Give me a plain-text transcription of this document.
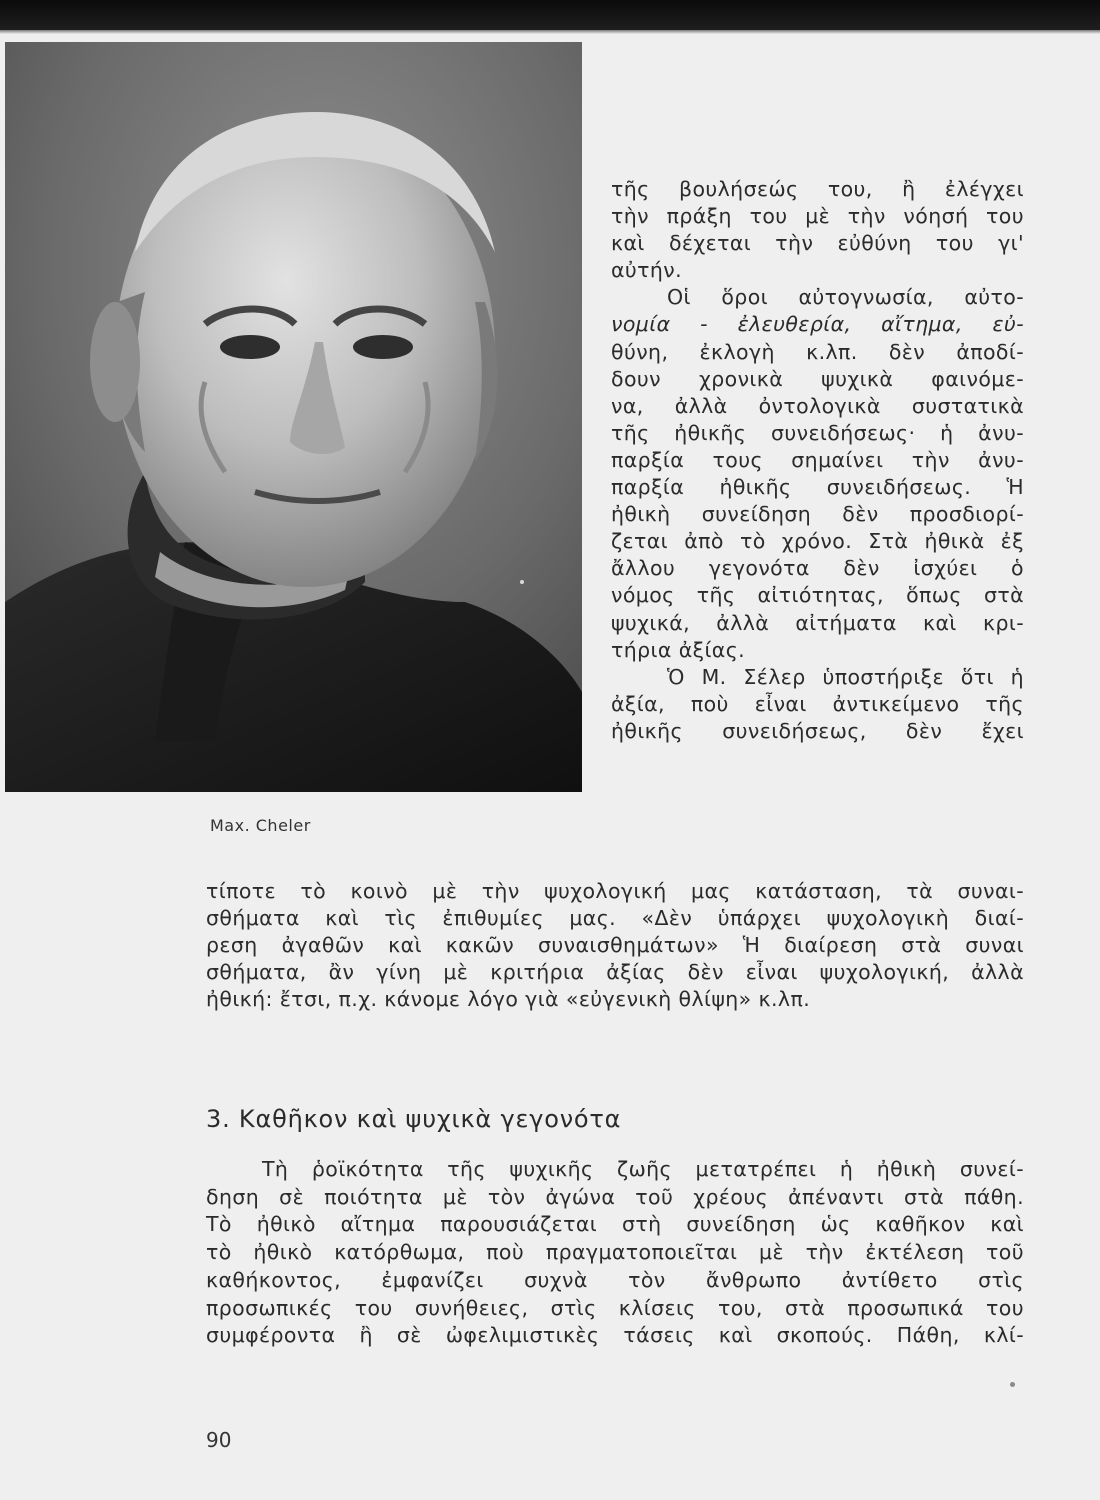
Max. Cheler
τῆς βουλήσεώς του, ἢ ἐλέγχει
τὴν πράξη του μὲ τὴν νόησή του
καὶ δέχεται τὴν εὐθύνη του γι'
αὐτήν.
Οἱ ὅροι αὐτογνωσία, αὐτο-
νομία - ἐλευθερία, αἴτημα, εὐ-
θύνη, ἐκλογὴ κ.λπ. δὲν ἀποδί-
δουν χρονικὰ ψυχικὰ φαινόμε-
να, ἀλλὰ ὀντολογικὰ συστατικὰ
τῆς ἠθικῆς συνειδήσεως· ἡ ἀνυ-
παρξία τους σημαίνει τὴν ἀνυ-
παρξία ἠθικῆς συνειδήσεως. Ἡ
ἠθικὴ συνείδηση δὲν προσδιορί-
ζεται ἀπὸ τὸ χρόνο. Στὰ ἠθικὰ ἐξ
ἄλλου γεγονότα δὲν ἰσχύει ὁ
νόμος τῆς αἰτιότητας, ὅπως στὰ
ψυχικά, ἀλλὰ αἰτήματα καὶ κρι-
τήρια ἀξίας.
Ὁ Μ. Σέλερ ὑποστήριξε ὅτι ἡ
ἀξία, ποὺ εἶναι ἀντικείμενο τῆς
ἠθικῆς συνειδήσεως, δὲν ἔχει
τίποτε τὸ κοινὸ μὲ τὴν ψυχολογική μας κατάσταση, τὰ συναι-
σθήματα καὶ τὶς ἐπιθυμίες μας. «Δὲν ὑπάρχει ψυχολογικὴ διαί-
ρεση ἀγαθῶν καὶ κακῶν συναισθημάτων» Ἡ διαίρεση στὰ συναι
σθήματα, ἂν γίνη μὲ κριτήρια ἀξίας δὲν εἶναι ψυχολογική, ἀλλὰ
ἠθική: ἔτσι, π.χ. κάνομε λόγο γιὰ «εὐγενικὴ θλίψη» κ.λπ.
3. Καθῆκον καὶ ψυχικὰ γεγονότα
Τὴ ῥοϊκότητα τῆς ψυχικῆς ζωῆς μετατρέπει ἡ ἠθικὴ συνεί-
δηση σὲ ποιότητα μὲ τὸν ἀγώνα τοῦ χρέους ἀπέναντι στὰ πάθη.
Τὸ ἠθικὸ αἴτημα παρουσιάζεται στὴ συνείδηση ὡς καθῆκον καὶ
τὸ ἠθικὸ κατόρθωμα, ποὺ πραγματοποιεῖται μὲ τὴν ἐκτέλεση τοῦ
καθήκοντος, ἐμφανίζει συχνὰ τὸν ἄνθρωπο ἀντίθετο στὶς
προσωπικές του συνήθειες, στὶς κλίσεις του, στὰ προσωπικά του
συμφέροντα ἢ σὲ ὠφελιμιστικὲς τάσεις καὶ σκοπούς. Πάθη, κλί-
90
